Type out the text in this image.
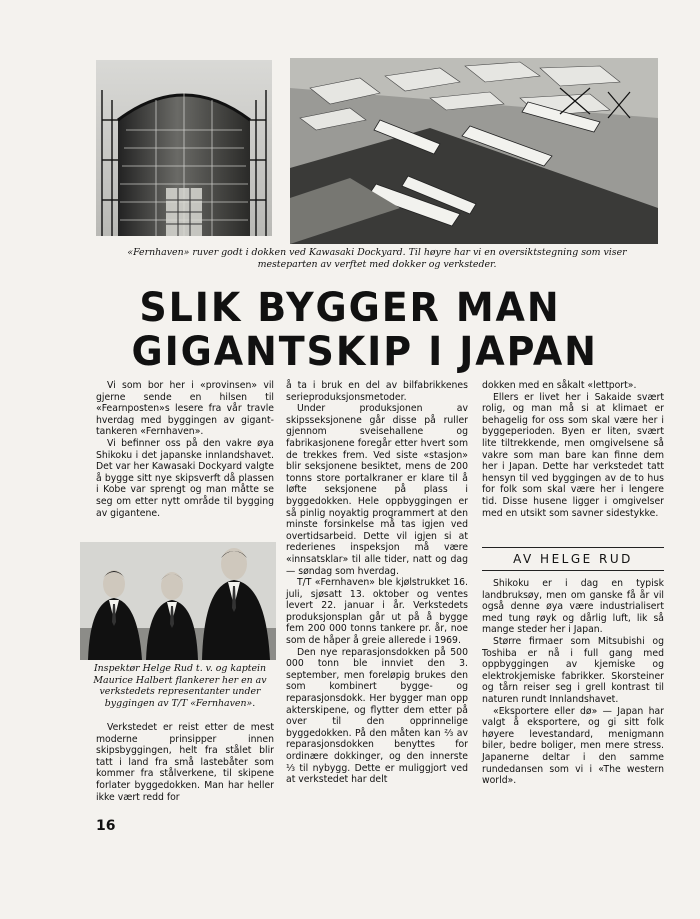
«Fernhaven» ruver godt i dokken ved Kawasaki Dockyard. Til høyre har vi en oversiktstegning som viser mesteparten av verftet med dokker og verksteder.
SLIK BYGGER MAN
GIGANTSKIP I JAPAN

Vi som bor her i «provinsen» vil gjerne sende en hilsen til «Fearnposten»s lesere fra vår travle hverdag med byggingen av gigant-tankeren «Fernhaven».

Vi befinner oss på den vakre øya Shikoku i det japanske innlandshavet. Det var her Kawasaki Dockyard valgte å bygge sitt nye skipsverft då plassen i Kobe var sprengt og man måtte se seg om etter nytt område til bygging av gigantene.

Inspektør Helge Rud t. v. og kaptein Maurice Halbert flankerer her en av verkstedets representanter under byggingen av T/T «Fernhaven».

Verkstedet er reist etter de mest moderne prinsipper innen skipsbyggingen, helt fra stålet blir tatt i land fra små lastebåter som kommer fra stålverkene, til skipene forlater byggedokken. Man har heller ikke vært redd for

å ta i bruk en del av bilfabrikkenes serieproduksjonsmetoder.

Under produksjonen av skipsseksjonene går disse på ruller gjennom sveisehallene og fabrikasjonene foregår etter hvert som de trekkes frem. Ved siste «stasjon» blir seksjonene besiktet, mens de 200 tonns store portalkraner er klare til å løfte seksjonene på plass i byggedokken. Hele oppbyggingen er så pinlig noyaktig programmert at den minste forsinkelse må tas igjen ved overtidsarbeid. Dette vil igjen si at rederienes inspeksjon må være «innsatsklar» til alle tider, natt og dag — søndag som hverdag.

T/T «Fernhaven» ble kjølstrukket 16. juli, sjøsatt 13. oktober og ventes levert 22. januar i år. Verkstedets produksjonsplan går ut på å bygge fem 200 000 tonns tankere pr. år, noe som de håper å greie allerede i 1969.

Den nye reparasjonsdokken på 500 000 tonn ble innviet den 3. september, men foreløpig brukes den som kombinert bygge- og reparasjonsdokk. Her bygger man opp akterskipene, og flytter dem etter på over til den opprinnelige byggedokken. På den måten kan ⅔ av reparasjonsdokken benyttes for ordinære dokkinger, og den innerste ⅓ til nybygg. Dette er muliggjort ved at verkstedet har delt

dokken med en såkalt «lettport».

Ellers er livet her i Sakaide svært rolig, og man må si at klimaet er behagelig for oss som skal være her i byggeperioden. Byen er liten, svært lite tiltrekkende, men omgivelsene så vakre som man bare kan finne dem her i Japan. Dette har verkstedet tatt hensyn til ved byggingen av de to hus for folk som skal være her i lengere tid. Disse husene ligger i omgivelser med en utsikt som savner sidestykke.

AV HELGE RUD

Shikoku er i dag en typisk landbruksøy, men om ganske få år vil også denne øya være industrialisert med tung røyk og dårlig luft, lik så mange steder her i Japan.

Større firmaer som Mitsubishi og Toshiba er nå i full gang med oppbyggingen av kjemiske og elektrokjemiske fabrikker. Skorsteiner og tårn reiser seg i grell kontrast til naturen rundt Innlandshavet.

«Eksportere eller dø» — Japan har valgt å eksportere, og gi sitt folk høyere levestandard, menigmann biler, bedre boliger, men mere stress. Japanerne deltar i den samme rundedansen som vi i «The western world».

16
